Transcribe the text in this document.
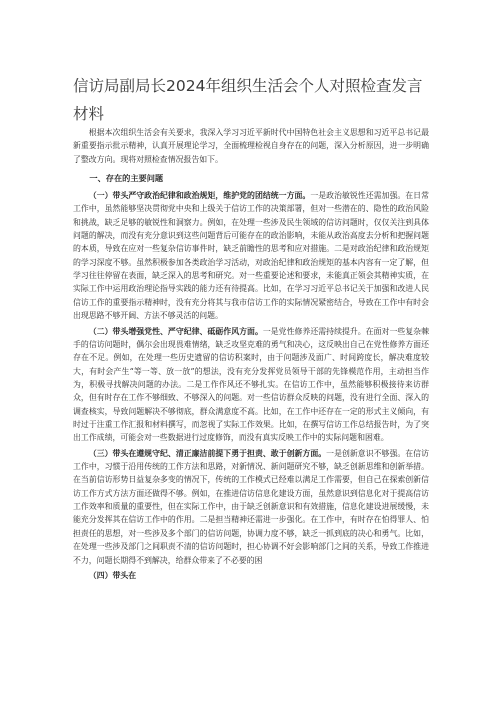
信访局副局长2024年组织生活会个人对照检查发言材料

根据本次组织生活会有关要求，我深入学习习近平新时代中国特色社会主义思想和习近平总书记最新重要指示批示精神，认真开展理论学习，全面梳理检视自身存在的问题，深入分析原因，进一步明确了整改方向。现将对照检查情况报告如下。

一、存在的主要问题

（一）带头严守政治纪律和政治规矩，维护党的团结统一方面。一是政治敏锐性还需加强。在日常工作中，虽然能够坚决贯彻党中央和上级关于信访工作的决策部署，但对一些潜在的、隐性的政治风险和挑战，缺乏足够的敏锐性和洞察力。例如，在处理一些涉及民生领域的信访问题时，仅仅关注到具体问题的解决，而没有充分意识到这些问题背后可能存在的政治影响，未能从政治高度去分析和把握问题的本质，导致在应对一些复杂信访事件时，缺乏前瞻性的思考和应对措施。二是对政治纪律和政治规矩的学习深度不够。虽然积极参加各类政治学习活动，对政治纪律和政治规矩的基本内容有一定了解，但学习往往停留在表面，缺乏深入的思考和研究。对一些重要论述和要求，未能真正领会其精神实质，在实际工作中运用政治理论指导实践的能力还有待提高。比如，在学习习近平总书记关于加强和改进人民信访工作的重要指示精神时，没有充分将其与我市信访工作的实际情况紧密结合，导致在工作中有时会出现思路不够开阔、方法不够灵活的问题。

（二）带头增强党性、严守纪律、砥砺作风方面。一是党性修养还需持续提升。在面对一些复杂棘手的信访问题时，偶尔会出现畏难情绪，缺乏攻坚克难的勇气和决心，这反映出自己在党性修养方面还存在不足。例如，在处理一些历史遗留的信访积案时，由于问题涉及面广、时间跨度长，解决难度较大，有时会产生“等一等、放一放”的想法，没有充分发挥党员领导干部的先锋模范作用，主动担当作为，积极寻找解决问题的办法。二是工作作风还不够扎实。在信访工作中，虽然能够积极接待来访群众，但有时存在工作不够细致、不够深入的问题。对一些信访群众反映的问题，没有进行全面、深入的调查核实，导致问题解决不够彻底，群众满意度不高。比如，在工作中还存在一定的形式主义倾向，有时过于注重工作汇报和材料撰写，而忽视了实际工作效果。比如，在撰写信访工作总结报告时，为了突出工作成绩，可能会对一些数据进行过度修饰，而没有真实反映工作中的实际问题和困难。

（三）带头在遵规守纪、清正廉洁前提下勇于担责、敢于创新方面。一是创新意识不够强。在信访工作中，习惯于沿用传统的工作方法和思路，对新情况、新问题研究不够，缺乏创新思维和创新举措。在当前信访形势日益复杂多变的情况下，传统的工作模式已经难以满足工作需要，但自己在探索创新信访工作方式方法方面还做得不够。例如，在推进信访信息化建设方面，虽然意识到信息化对于提高信访工作效率和质量的重要性，但在实际工作中，由于缺乏创新意识和有效措施，信息化建设进展缓慢，未能充分发挥其在信访工作中的作用。二是担当精神还需进一步强化。在工作中，有时存在怕得罪人、怕担责任的思想，对一些涉及多个部门的信访问题，协调力度不够，缺乏一抓到底的决心和勇气。比如，在处理一些涉及部门之间职责不清的信访问题时，担心协调不好会影响部门之间的关系，导致工作推进不力，问题长期得不到解决，给群众带来了不必要的困

（四）带头在
